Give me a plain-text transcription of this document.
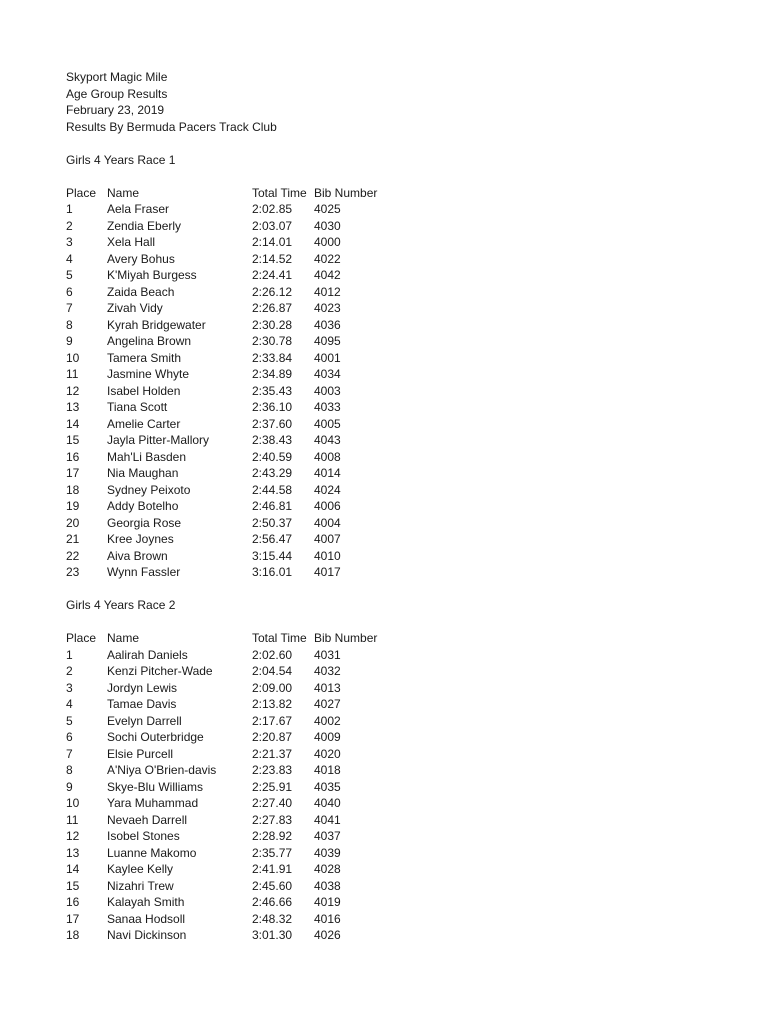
Skyport Magic Mile
Age Group Results
February 23, 2019
Results By Bermuda Pacers Track Club
Girls 4 Years Race 1
Place Name	Total Time Bib Number
1	Aela Fraser	2:02.85 4025
2	Zendia Eberly	2:03.07 4030
3	Xela Hall	2:14.01 4000
4	Avery Bohus	2:14.52 4022
5	K'Miyah Burgess	2:24.41 4042
6	Zaida Beach	2:26.12 4012
7	Zivah Vidy	2:26.87 4023
8	Kyrah Bridgewater	2:30.28 4036
9	Angelina Brown	2:30.78 4095
10 Tamera Smith	2:33.84 4001
11 Jasmine Whyte	2:34.89 4034
12 Isabel Holden	2:35.43 4003
13 Tiana Scott	2:36.10 4033
14 Amelie Carter	2:37.60 4005
15 Jayla Pitter-Mallory	2:38.43 4043
16 Mah'Li Basden	2:40.59 4008
17 Nia Maughan	2:43.29 4014
18 Sydney Peixoto	2:44.58 4024
19 Addy Botelho	2:46.81 4006
20 Georgia Rose	2:50.37 4004
21 Kree Joynes	2:56.47 4007
22 Aiva Brown	3:15.44 4010
23 Wynn Fassler	3:16.01 4017
Girls 4 Years Race 2
Place Name	Total Time Bib Number
1	Aalirah Daniels	2:02.60 4031
2	Kenzi Pitcher-Wade	2:04.54 4032
3	Jordyn Lewis	2:09.00 4013
4	Tamae Davis	2:13.82 4027
5	Evelyn Darrell	2:17.67 4002
6	Sochi Outerbridge	2:20.87 4009
7	Elsie Purcell	2:21.37 4020
8	A'Niya O'Brien-davis	2:23.83 4018
9	Skye-Blu Williams	2:25.91 4035
10 Yara Muhammad	2:27.40 4040
11 Nevaeh Darrell	2:27.83 4041
12 Isobel Stones	2:28.92 4037
13 Luanne Makomo	2:35.77 4039
14 Kaylee Kelly	2:41.91 4028
15 Nizahri Trew	2:45.60 4038
16 Kalayah Smith	2:46.66 4019
17 Sanaa Hodsoll	2:48.32 4016
18 Navi Dickinson	3:01.30 4026
